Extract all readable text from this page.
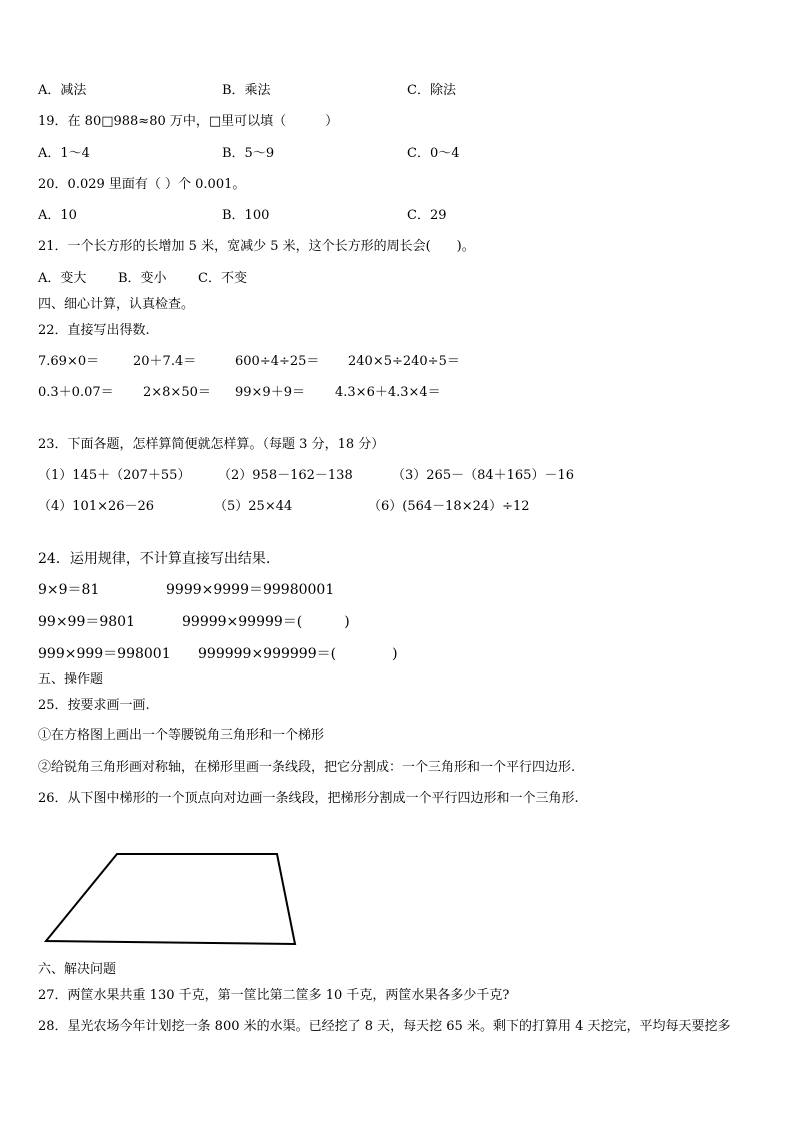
A．减法	B．乘法	C．除法
19．在 80□988≈80 万中，□里可以填（　　　）
A．1～4	B．5～9	C．0～4
20．0.029 里面有（ ）个 0.001。
A．10	B．100	C．29
21．一个长方形的长增加 5 米，宽减少 5 米，这个长方形的周长会(　　)。
A．变大 B．变小 C．不变
四、细心计算，认真检查。
22．直接写出得数.
7.69×0＝	20＋7.4＝	600÷4÷25＝ 240×5÷240÷5＝
0.3＋0.07＝ 2×8×50＝ 99×9＋9＝ 4.3×6＋4.3×4＝
23．下面各题，怎样算简便就怎样算。（每题 3 分，18 分）
（1）145＋（207＋55） （2）958－162－138	（3）265－（84＋165）－16
（4）101×26－26	（5）25×44	（6）(564－18×24）÷12
24．运用规律，不计算直接写出结果.
9×9＝81	9999×9999＝99980001
99×99＝9801	99999×99999＝(　　　)
999×999＝998001 999999×999999＝(　　　　)
五、操作题
25．按要求画一画.
①在方格图上画出一个等腰锐角三角形和一个梯形
②给锐角三角形画对称轴，在梯形里画一条线段，把它分割成：一个三角形和一个平行四边形.
26．从下图中梯形的一个顶点向对边画一条线段，把梯形分割成一个平行四边形和一个三角形.
六、解决问题
27．两筐水果共重 130 千克，第一筐比第二筐多 10 千克，两筐水果各多少千克?
28．星光农场今年计划挖一条 800 米的水渠。已经挖了 8 天，每天挖 65 米。剩下的打算用 4 天挖完，平均每天要挖多
